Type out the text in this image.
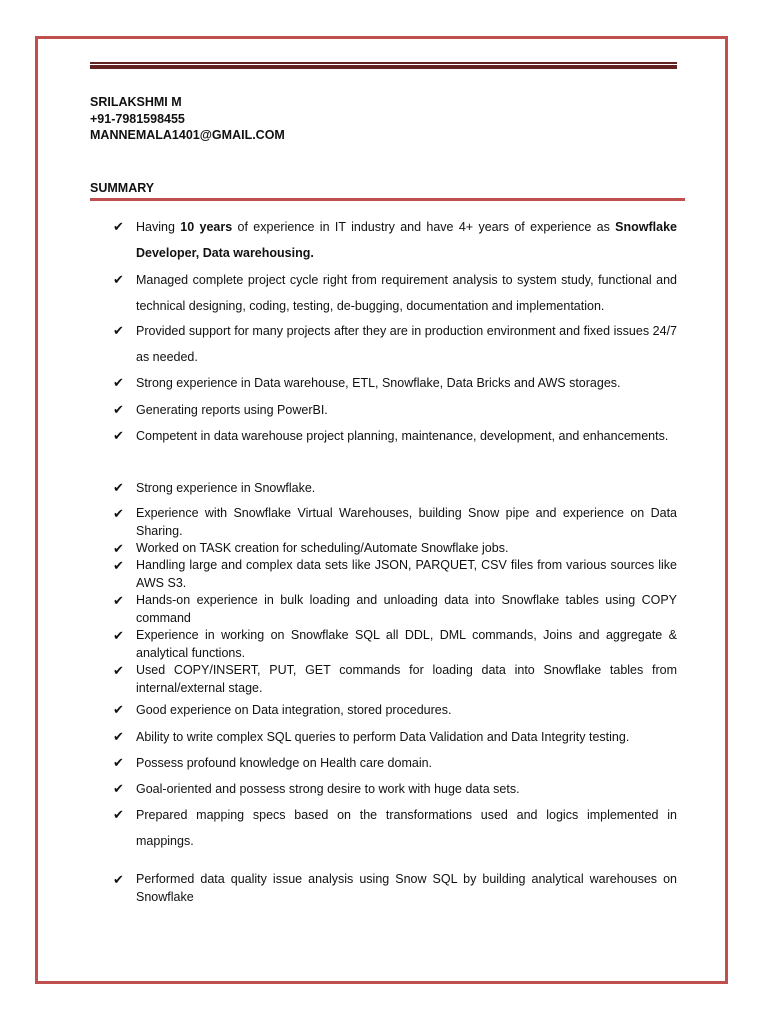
SRILAKSHMI M
+91-7981598455
MANNEMALA1401@GMAIL.COM
SUMMARY
✔ Having 10 years of experience in IT industry and have 4+ years of experience as Snowflake Developer, Data warehousing.
✔ Managed complete project cycle right from requirement analysis to system study, functional and technical designing, coding, testing, de-bugging, documentation and implementation.
✔ Provided support for many projects after they are in production environment and fixed issues 24/7 as needed.
✔ Strong experience in Data warehouse, ETL, Snowflake, Data Bricks and AWS storages.
✔ Generating reports using PowerBI.
✔ Competent in data warehouse project planning, maintenance, development, and enhancements.
✔ Strong experience in Snowflake.
✔ Experience with Snowflake Virtual Warehouses, building Snow pipe and experience on Data Sharing.
✔ Worked on TASK creation for scheduling/Automate Snowflake jobs.
✔ Handling large and complex data sets like JSON, PARQUET, CSV files from various sources like AWS S3.
✔ Hands-on experience in bulk loading and unloading data into Snowflake tables using COPY command
✔ Experience in working on Snowflake SQL all DDL, DML commands, Joins and aggregate & analytical functions.
✔ Used COPY/INSERT, PUT, GET commands for loading data into Snowflake tables from internal/external stage.
✔ Good experience on Data integration, stored procedures.
✔ Ability to write complex SQL queries to perform Data Validation and Data Integrity testing.
✔ Possess profound knowledge on Health care domain.
✔ Goal-oriented and possess strong desire to work with huge data sets.
✔ Prepared mapping specs based on the transformations used and logics implemented in mappings.
✔ Performed data quality issue analysis using Snow SQL by building analytical warehouses on Snowflake
